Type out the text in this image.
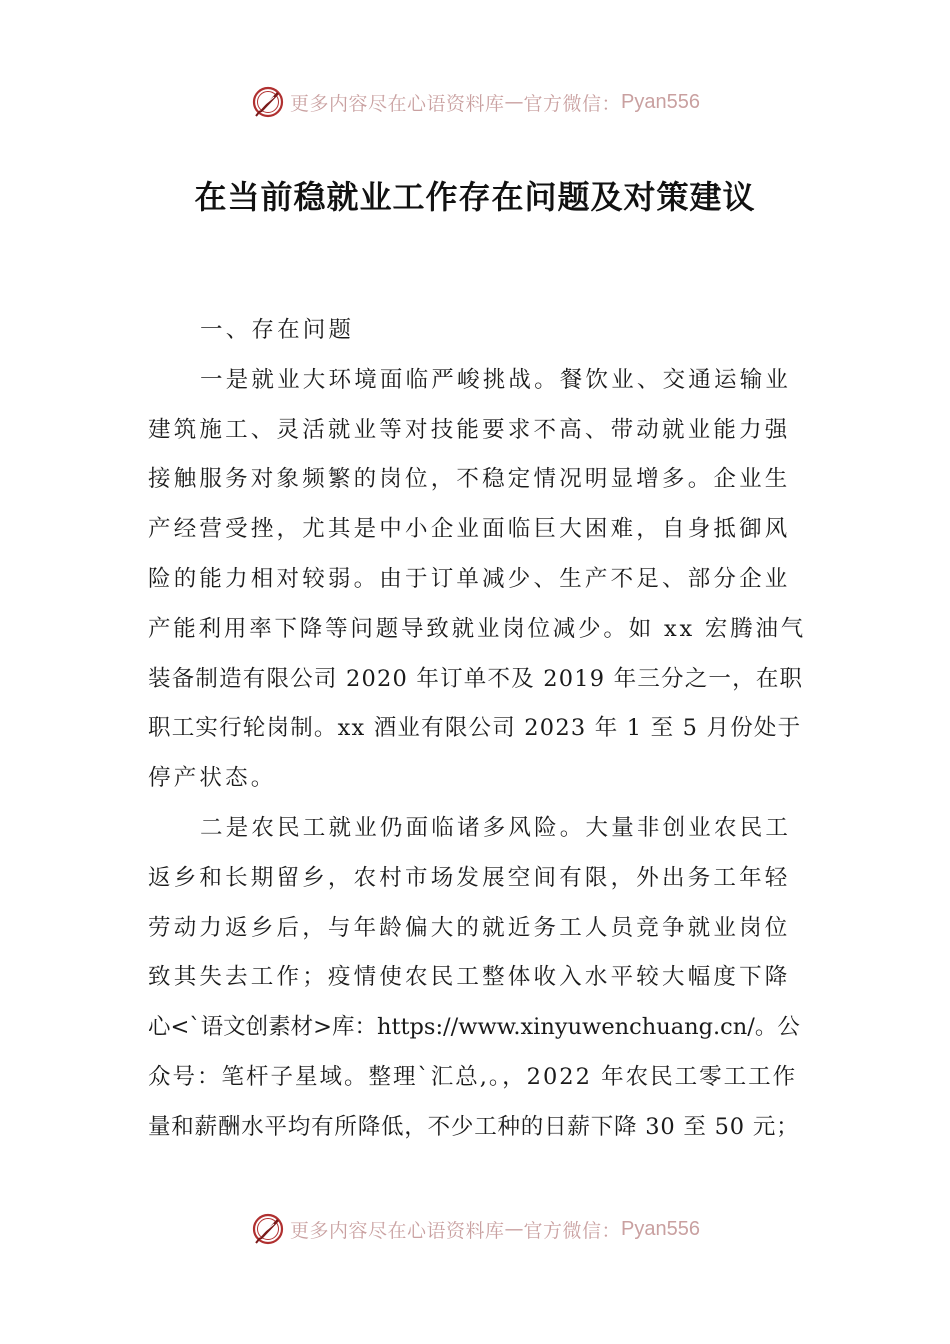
更多内容尽在心语资料库 — 官方微信： Pyan556
在当前稳就业工作存在问题及对策建议
一、存在问题
一是就业大环境面临严峻挑战。餐饮业、交通运输业
建筑施工、灵活就业等对技能要求不高、带动就业能力强
接触服务对象频繁的岗位，不稳定情况明显增多。企业生
产经营受挫，尤其是中小企业面临巨大困难，自身抵御风
险的能力相对较弱。由于订单减少、生产不足、部分企业
产能利用率下降等问题导致就业岗位减少。如 xx 宏腾油气
装备制造有限公司 2020 年订单不及 2019 年三分之一，在职
职工实行轮岗制。xx 酒业有限公司 2023 年 1 至 5 月份处于
停产状态。
二是农民工就业仍面临诸多风险。大量非创业农民工
返乡和长期留乡，农村市场发展空间有限，外出务工年轻
劳动力返乡后，与年龄偏大的就近务工人员竞争就业岗位
致其失去工作；疫情使农民工整体收入水平较大幅度下降
心<`语文创素材>库：https://www.xinyuwenchuang.cn/。公
众号：笔杆子星域。整理`汇总,。，2022 年农民工零工工作
量和薪酬水平均有所降低，不少工种的日薪下降 30 至 50 元；
更多内容尽在心语资料库 — 官方微信： Pyan556
